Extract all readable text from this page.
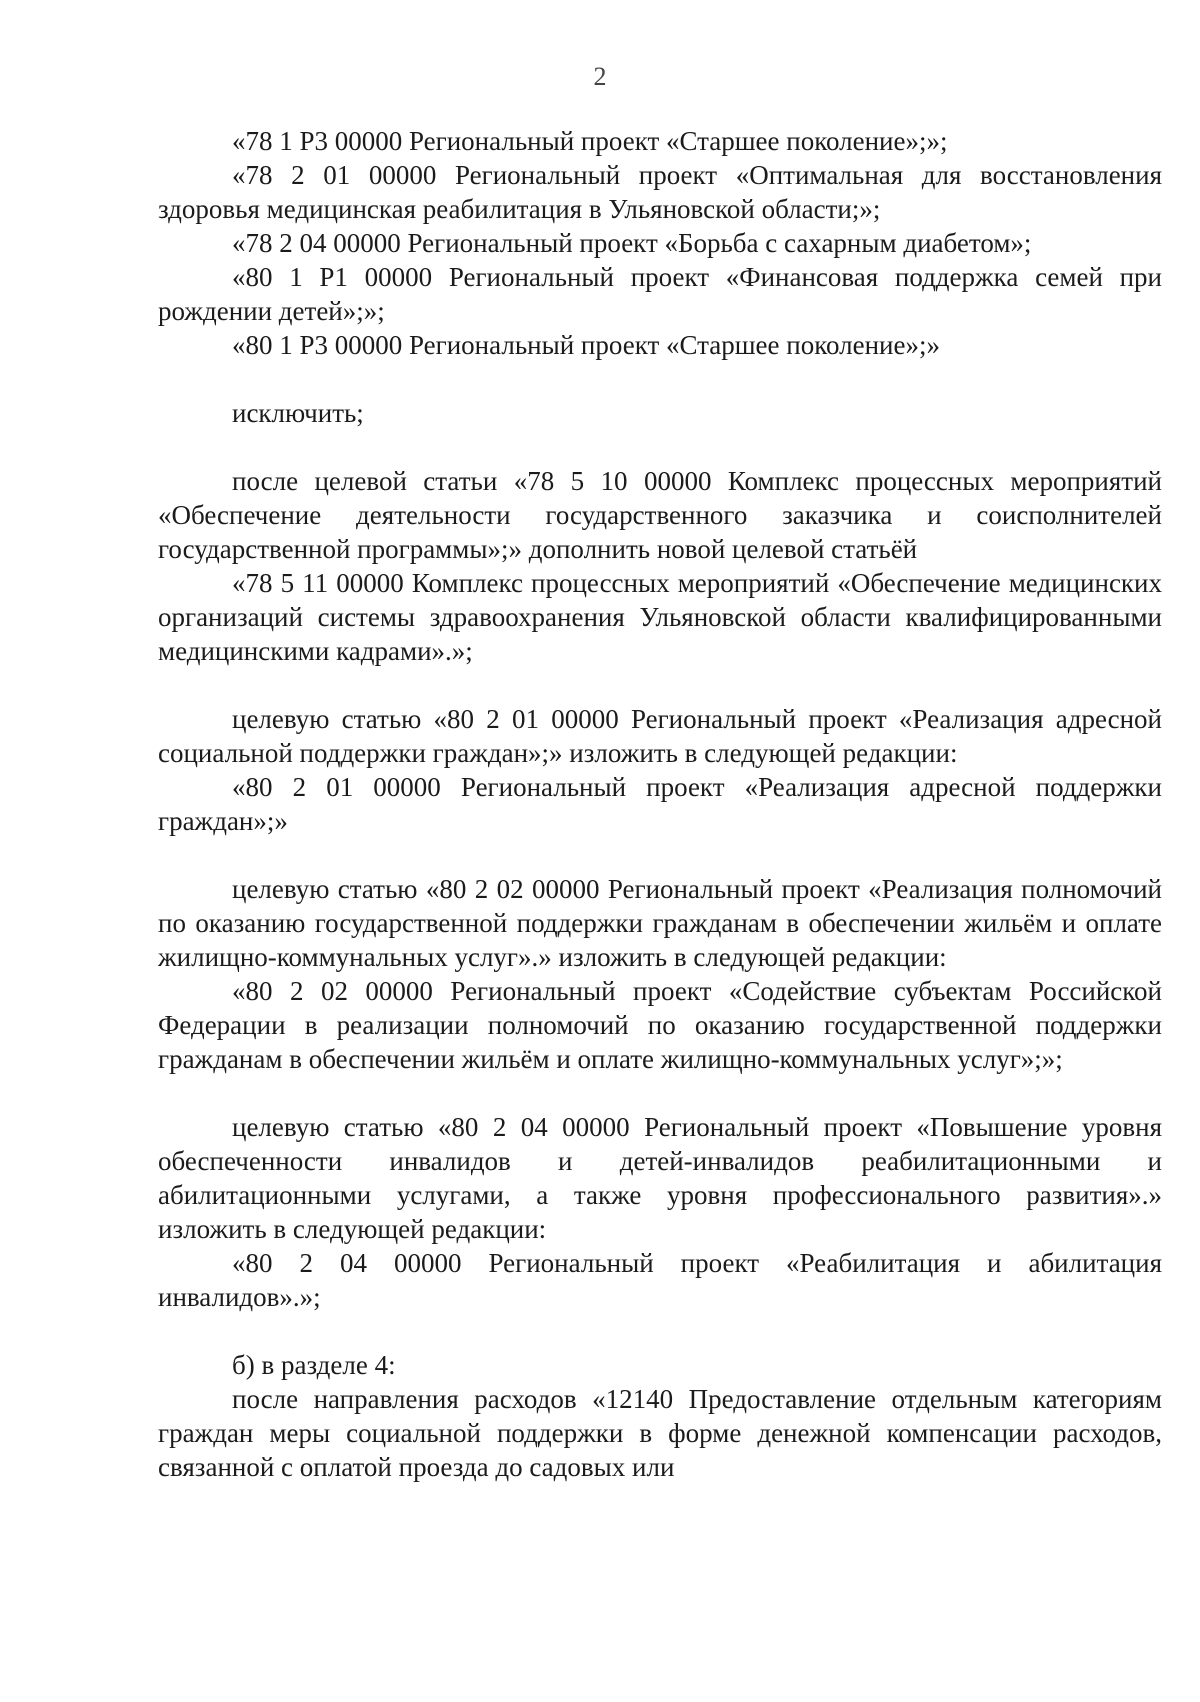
2

«78 1 Р3 00000 Региональный проект «Старшее поколение»;»;

«78 2 01 00000 Региональный проект «Оптимальная для восстановления здоровья медицинская реабилитация в Ульяновской области;»;

«78 2 04 00000 Региональный проект «Борьба с сахарным диабетом»;

«80 1 Р1 00000 Региональный проект «Финансовая поддержка семей при рождении детей»;»;

«80 1 Р3 00000 Региональный проект «Старшее поколение»;»

исключить;

после целевой статьи «78 5 10 00000 Комплекс процессных мероприятий «Обеспечение деятельности государственного заказчика и соисполнителей государственной программы»;» дополнить новой целевой статьёй

«78 5 11 00000 Комплекс процессных мероприятий «Обеспечение медицинских организаций системы здравоохранения Ульяновской области квалифицированными медицинскими кадрами».»;

целевую статью «80 2 01 00000 Региональный проект «Реализация адресной социальной поддержки граждан»;» изложить в следующей редакции:

«80 2 01 00000 Региональный проект «Реализация адресной поддержки граждан»;»

целевую статью «80 2 02 00000 Региональный проект «Реализация полномочий по оказанию государственной поддержки гражданам в обеспечении жильём и оплате жилищно-коммунальных услуг».» изложить в следующей редакции:

«80 2 02 00000 Региональный проект «Содействие субъектам Российской Федерации в реализации полномочий по оказанию государственной поддержки гражданам в обеспечении жильём и оплате жилищно-коммунальных услуг»;»;

целевую статью «80 2 04 00000 Региональный проект «Повышение уровня обеспеченности инвалидов и детей-инвалидов реабилитационными и абилитационными услугами, а также уровня профессионального развития».» изложить в следующей редакции:

«80 2 04 00000 Региональный проект «Реабилитация и абилитация инвалидов».»;

б) в разделе 4:

после направления расходов «12140 Предоставление отдельным категориям граждан меры социальной поддержки в форме денежной компенсации расходов, связанной с оплатой проезда до садовых или
